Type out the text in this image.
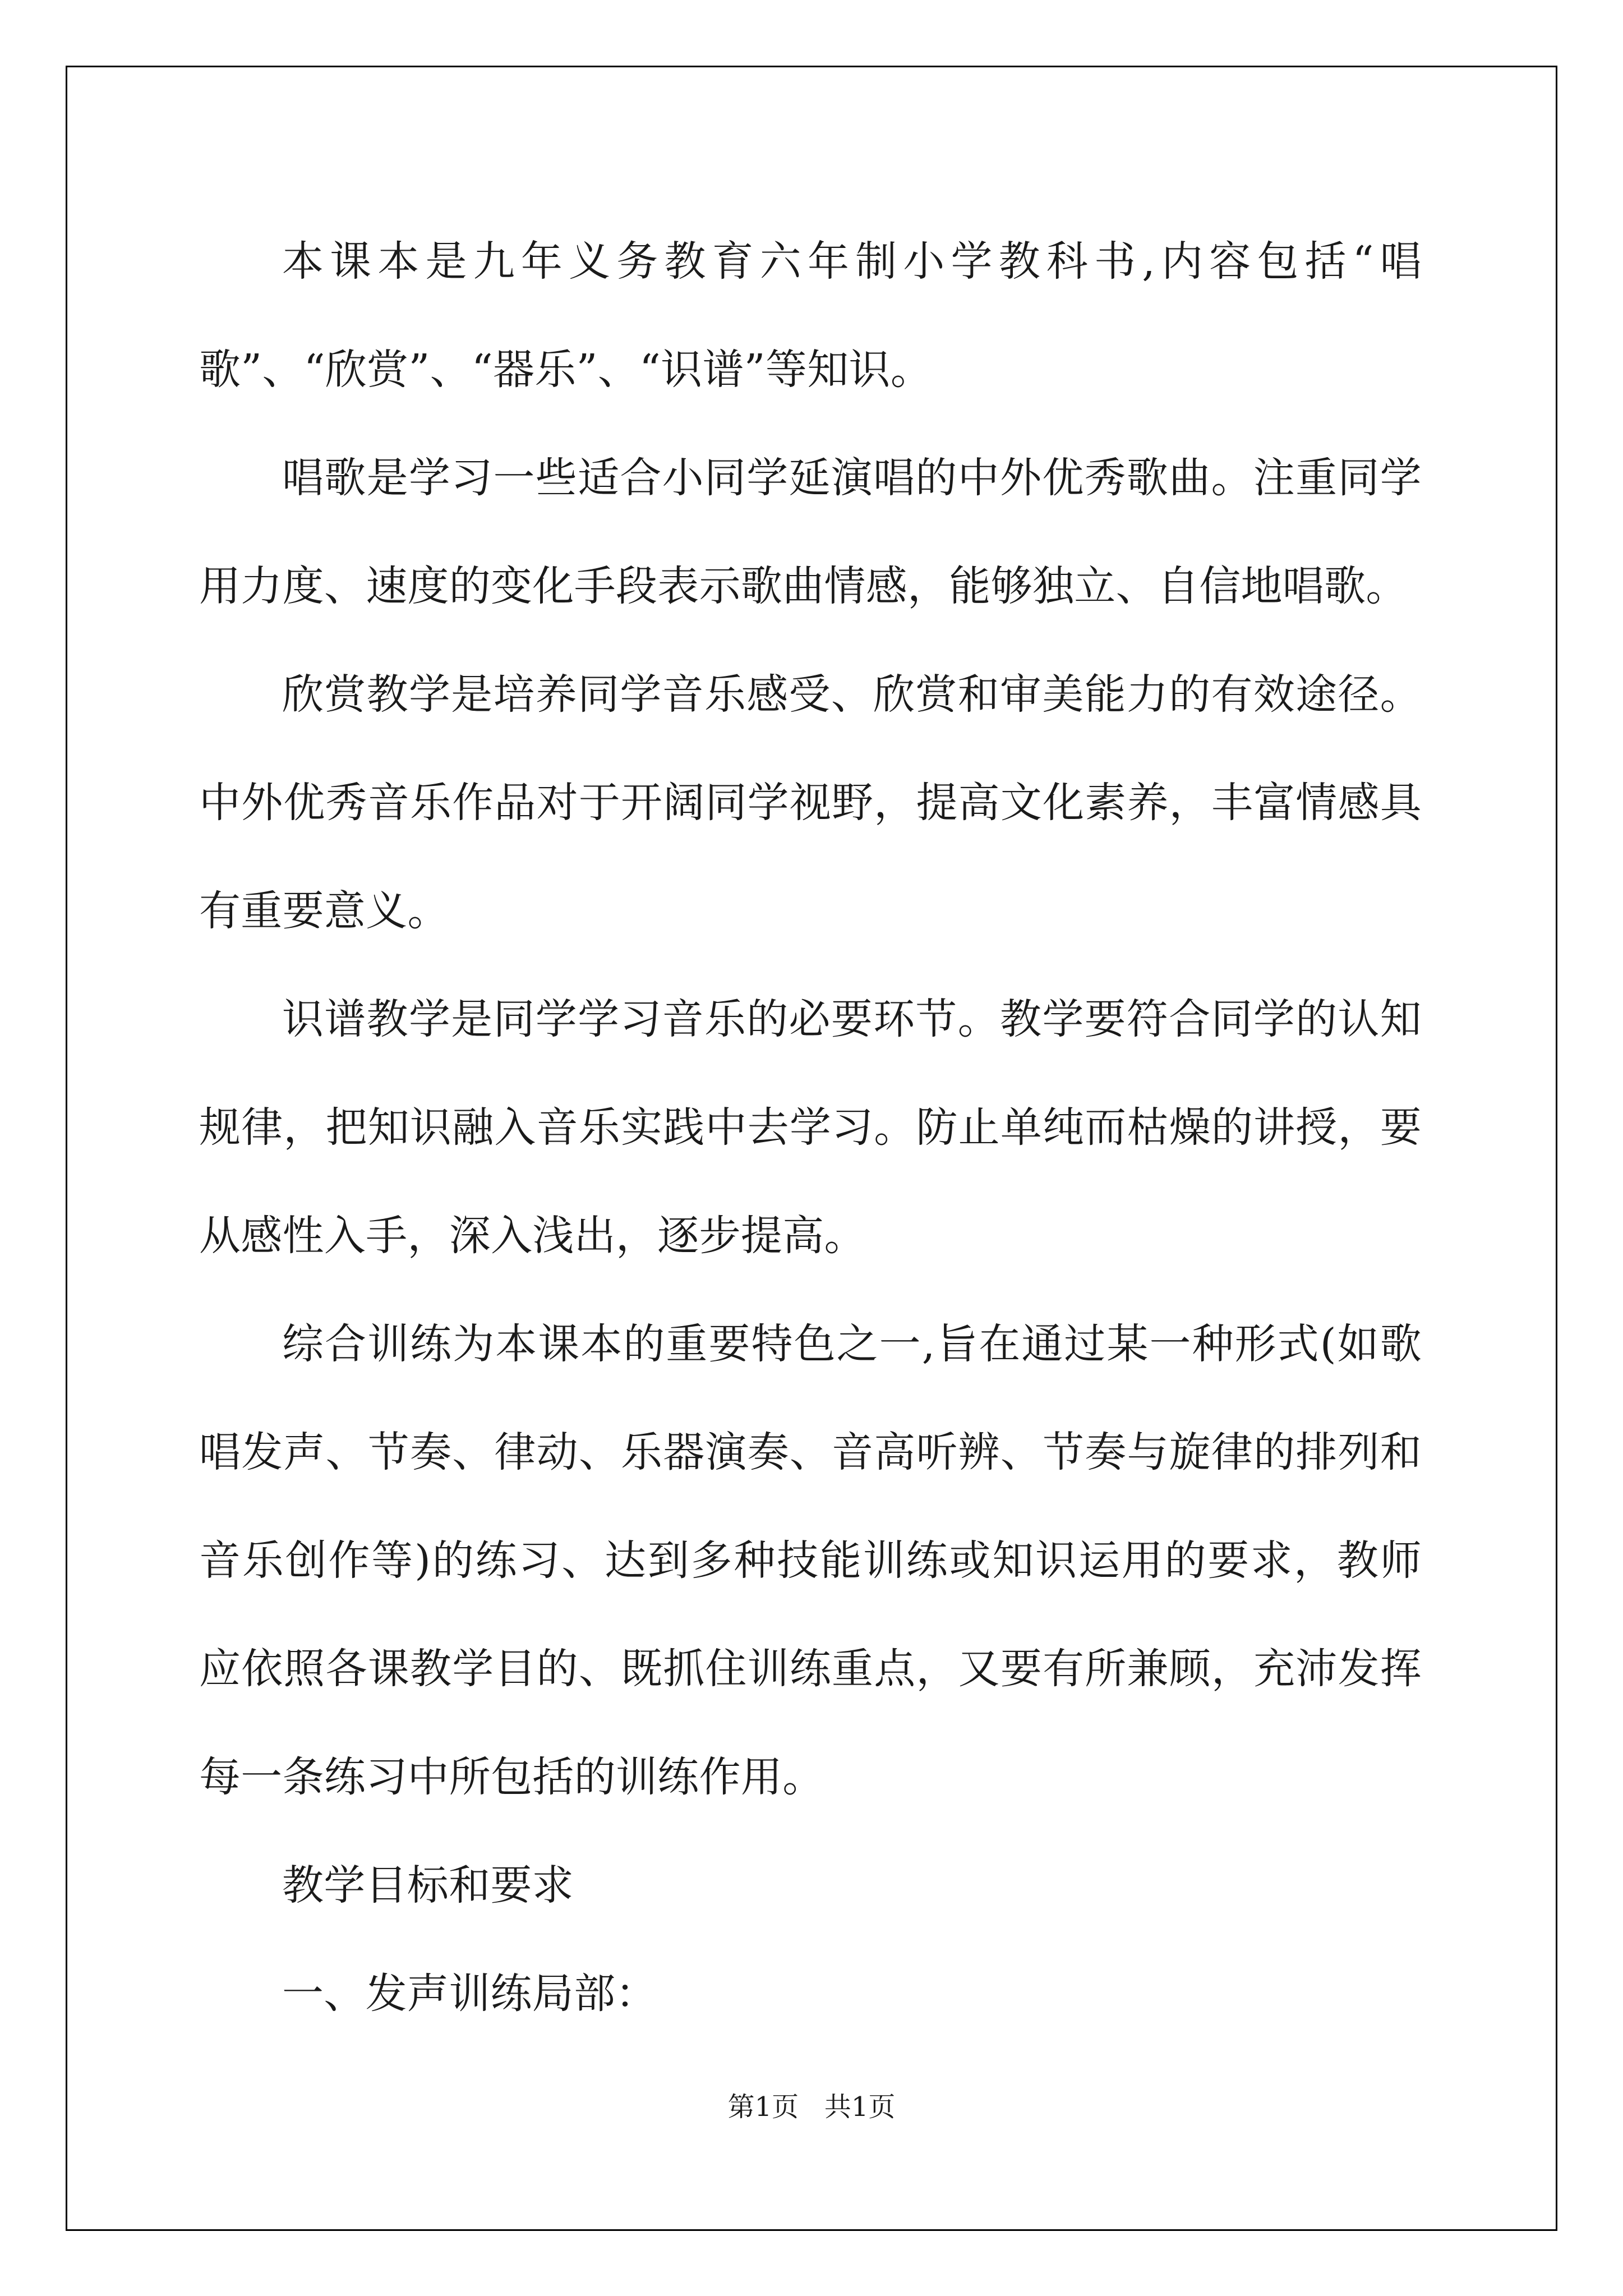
本课本是九年义务教育六年制小学教科书,内容包括“唱歌”、“欣赏”、“器乐”、“识谱”等知识。

唱歌是学习一些适合小同学延演唱的中外优秀歌曲。注重同学用力度、速度的变化手段表示歌曲情感，能够独立、自信地唱歌。

欣赏教学是培养同学音乐感受、欣赏和审美能力的有效途径。中外优秀音乐作品对于开阔同学视野，提高文化素养，丰富情感具有重要意义。

识谱教学是同学学习音乐的必要环节。教学要符合同学的认知规律，把知识融入音乐实践中去学习。防止单纯而枯燥的讲授，要从感性入手，深入浅出，逐步提高。

综合训练为本课本的重要特色之一,旨在通过某一种形式(如歌唱发声、节奏、律动、乐器演奏、音高听辨、节奏与旋律的排列和音乐创作等)的练习、达到多种技能训练或知识运用的要求，教师应依照各课教学目的、既抓住训练重点，又要有所兼顾，充沛发挥每一条练习中所包括的训练作用。

教学目标和要求

一、发声训练局部：

第1页 共1页
